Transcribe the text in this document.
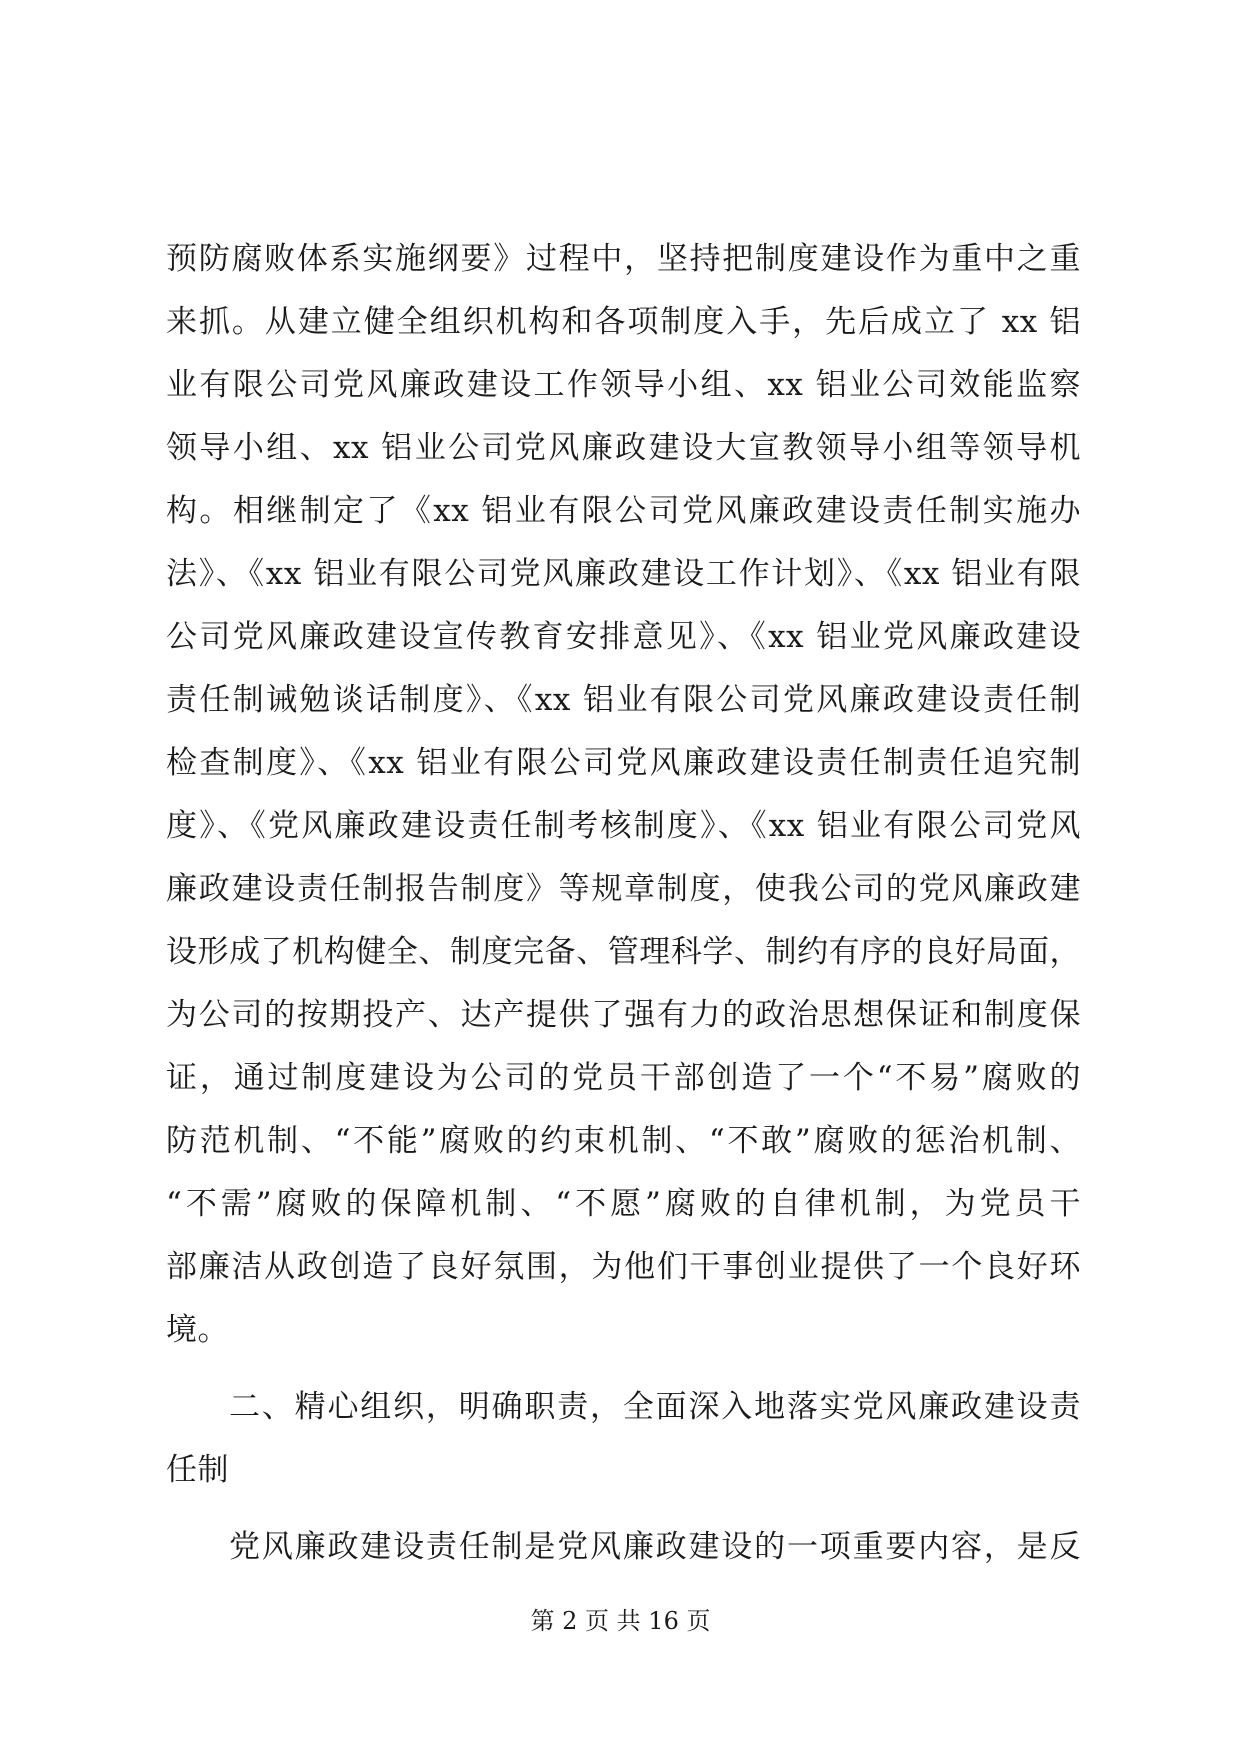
预防腐败体系实施纲要》过程中，坚持把制度建设作为重中之重
来抓。从建立健全组织机构和各项制度入手，先后成立了 xx 铝
业有限公司党风廉政建设工作领导小组、xx 铝业公司效能监察
领导小组、xx 铝业公司党风廉政建设大宣教领导小组等领导机
构。相继制定了《xx 铝业有限公司党风廉政建设责任制实施办
法》、《xx 铝业有限公司党风廉政建设工作计划》、《xx 铝业有限
公司党风廉政建设宣传教育安排意见》、《xx 铝业党风廉政建设
责任制诫勉谈话制度》、《xx 铝业有限公司党风廉政建设责任制
检查制度》、《xx 铝业有限公司党风廉政建设责任制责任追究制
度》、《党风廉政建设责任制考核制度》、《xx 铝业有限公司党风
廉政建设责任制报告制度》等规章制度，使我公司的党风廉政建
设形成了机构健全、制度完备、管理科学、制约有序的良好局面，
为公司的按期投产、达产提供了强有力的政治思想保证和制度保
证，通过制度建设为公司的党员干部创造了一个“不易”腐败的
防范机制、“不能”腐败的约束机制、“不敢”腐败的惩治机制、
“不需”腐败的保障机制、“不愿”腐败的自律机制，为党员干
部廉洁从政创造了良好氛围，为他们干事创业提供了一个良好环
境。
二、精心组织，明确职责，全面深入地落实党风廉政建设责
任制
党风廉政建设责任制是党风廉政建设的一项重要内容，是反
第 2 页 共 16 页
